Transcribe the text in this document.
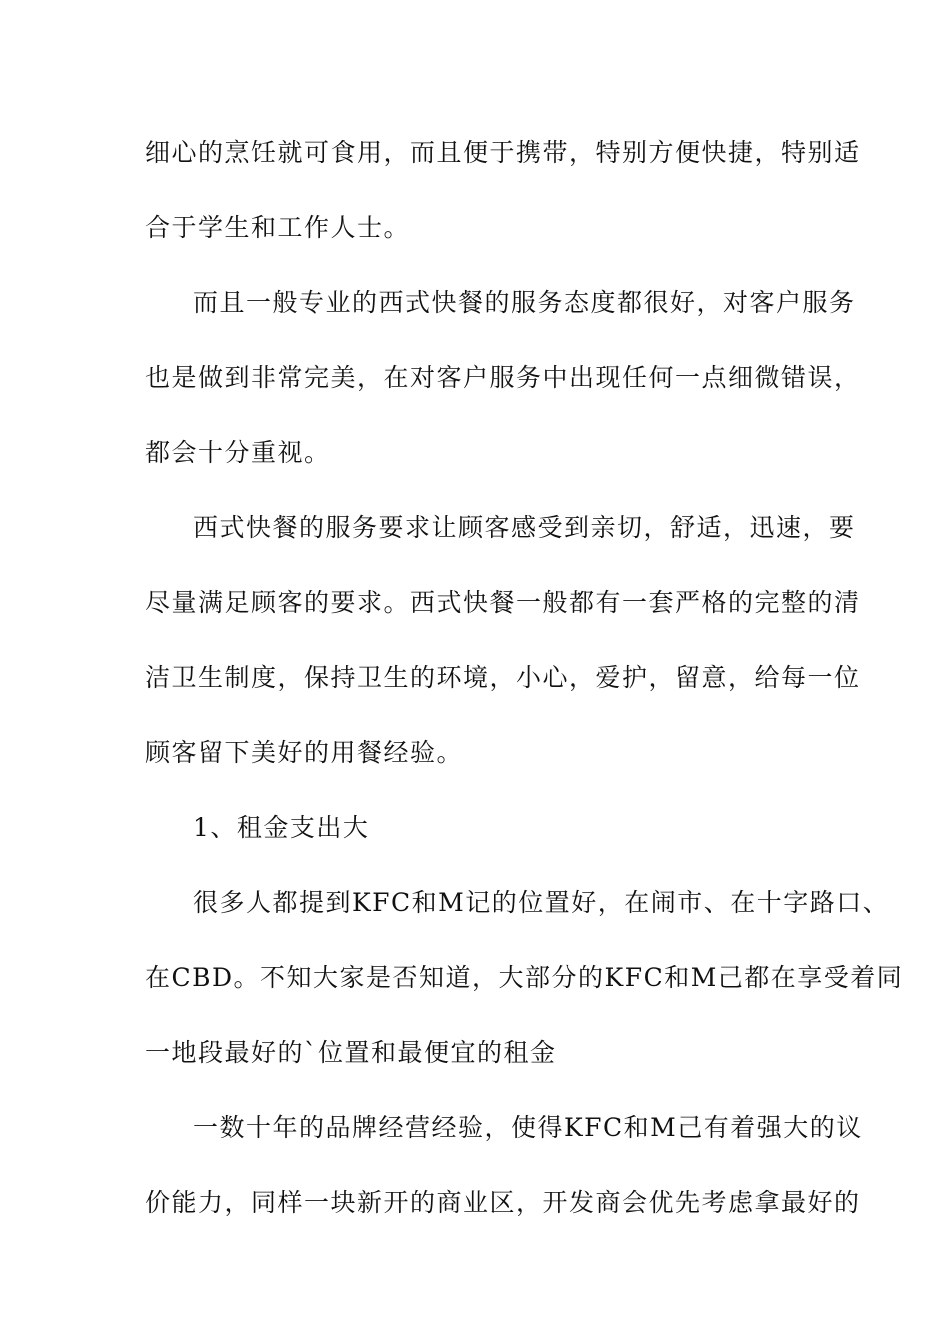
细心的烹饪就可食用，而且便于携带，特别方便快捷，特别适
合于学生和工作人士。
而且一般专业的西式快餐的服务态度都很好，对客户服务
也是做到非常完美，在对客户服务中出现任何一点细微错误，
都会十分重视。
西式快餐的服务要求让顾客感受到亲切，舒适，迅速，要
尽量满足顾客的要求。西式快餐一般都有一套严格的完整的清
洁卫生制度，保持卫生的环境，小心，爱护，留意，给每一位
顾客留下美好的用餐经验。
1、租金支出大
很多人都提到KFC和M记的位置好，在闹市、在十字路口、
在CBD。不知大家是否知道，大部分的KFC和M己都在享受着同
一地段最好的`位置和最便宜的租金
一数十年的品牌经营经验，使得KFC和M己有着强大的议
价能力，同样一块新开的商业区，开发商会优先考虑拿最好的
